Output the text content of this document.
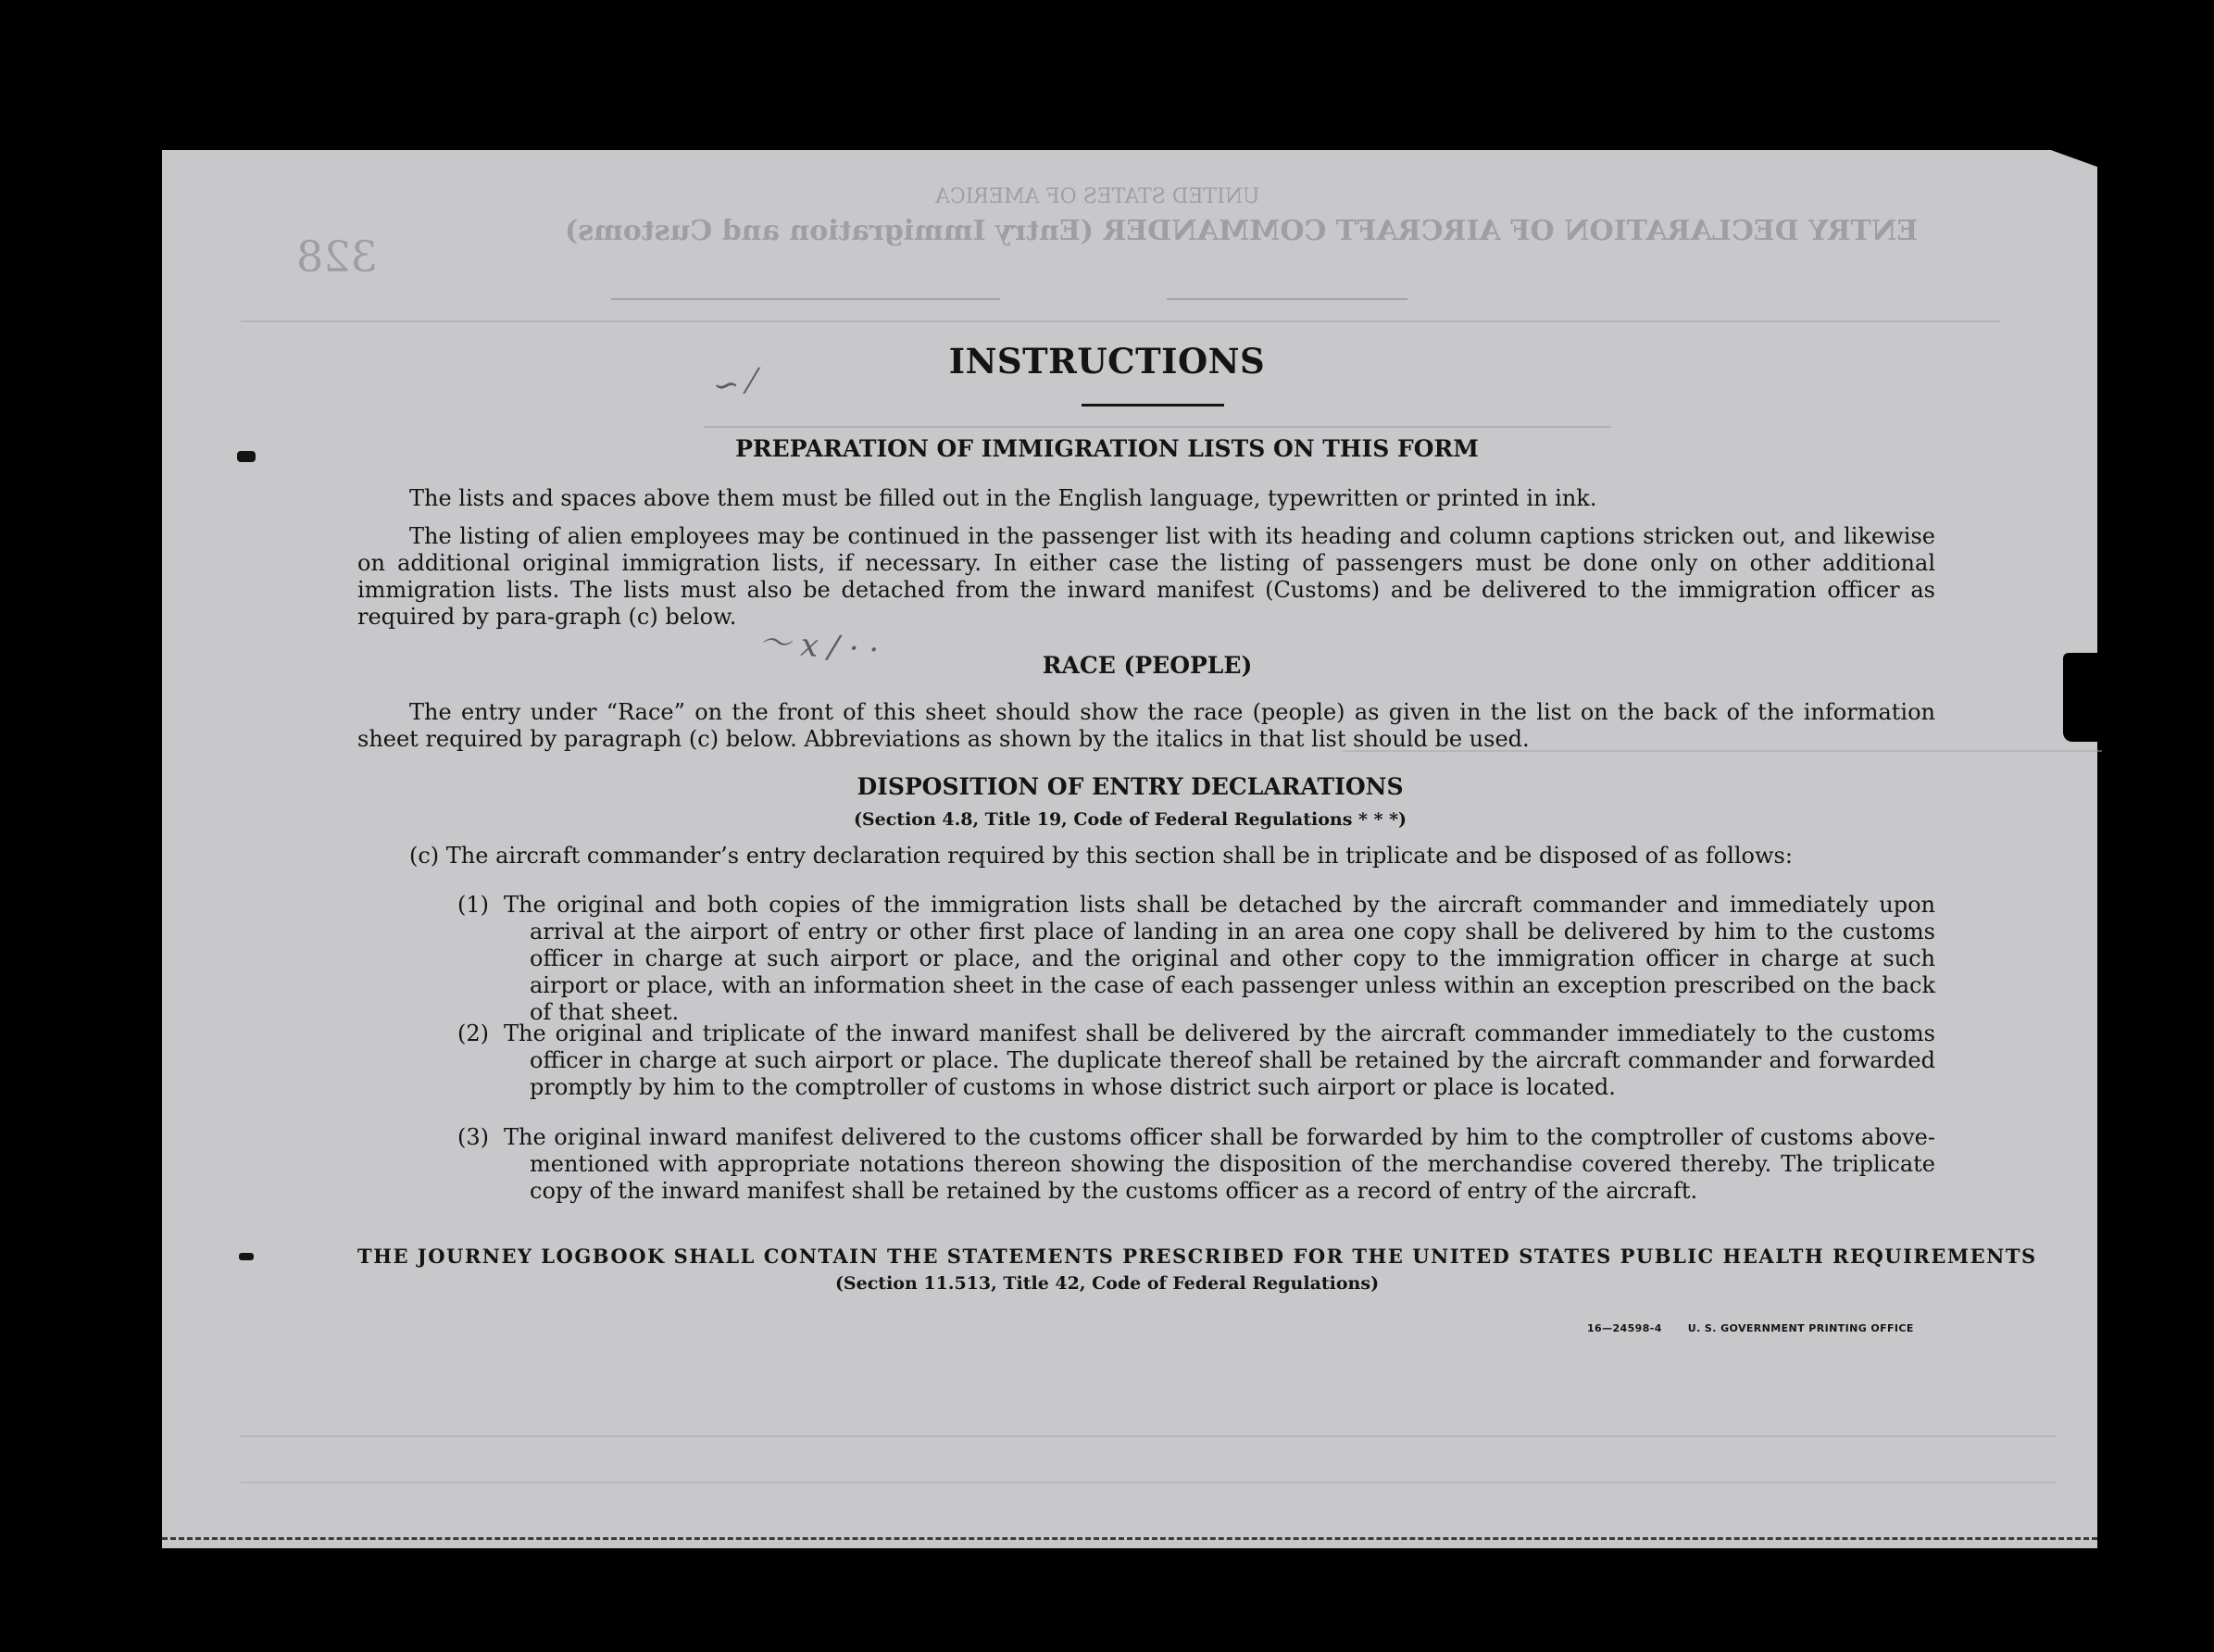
UNITED STATES OF AMERICA
ENTRY DECLARATION OF AIRCRAFT COMMANDER (Entry Immigration and Customs)
328
〜 x / · ·
∽ ⁄
INSTRUCTIONS
PREPARATION OF IMMIGRATION LISTS ON THIS FORM
The lists and spaces above them must be filled out in the English language, typewritten or printed in ink.
The listing of alien employees may be continued in the passenger list with its heading and column captions stricken out, and likewise on additional original immigration lists, if necessary. In either case the listing of passengers must be done only on other additional immigration lists. The lists must also be detached from the inward manifest (Customs) and be delivered to the immigration officer as required by para-graph (c) below.
RACE (PEOPLE)
The entry under “Race” on the front of this sheet should show the race (people) as given in the list on the back of the information sheet required by paragraph (c) below. Abbreviations as shown by the italics in that list should be used.
DISPOSITION OF ENTRY DECLARATIONS
(Section 4.8, Title 19, Code of Federal Regulations * * *)
(c) The aircraft commander’s entry declaration required by this section shall be in triplicate and be disposed of as follows:
(1) The original and both copies of the immigration lists shall be detached by the aircraft commander and immediately upon arrival at the airport of entry or other first place of landing in an area one copy shall be delivered by him to the customs officer in charge at such airport or place, and the original and other copy to the immigration officer in charge at such airport or place, with an information sheet in the case of each passenger unless within an exception prescribed on the back of that sheet.
(2) The original and triplicate of the inward manifest shall be delivered by the aircraft commander immediately to the customs officer in charge at such airport or place. The duplicate thereof shall be retained by the aircraft commander and forwarded promptly by him to the comptroller of customs in whose district such airport or place is located.
(3) The original inward manifest delivered to the customs officer shall be forwarded by him to the comptroller of customs above-mentioned with appropriate notations thereon showing the disposition of the merchandise covered thereby. The triplicate copy of the inward manifest shall be retained by the customs officer as a record of entry of the aircraft.
THE JOURNEY LOGBOOK SHALL CONTAIN THE STATEMENTS PRESCRIBED FOR THE UNITED STATES PUBLIC HEALTH REQUIREMENTS
(Section 11.513, Title 42, Code of Federal Regulations)
16—24598-4	U. S. GOVERNMENT PRINTING OFFICE
